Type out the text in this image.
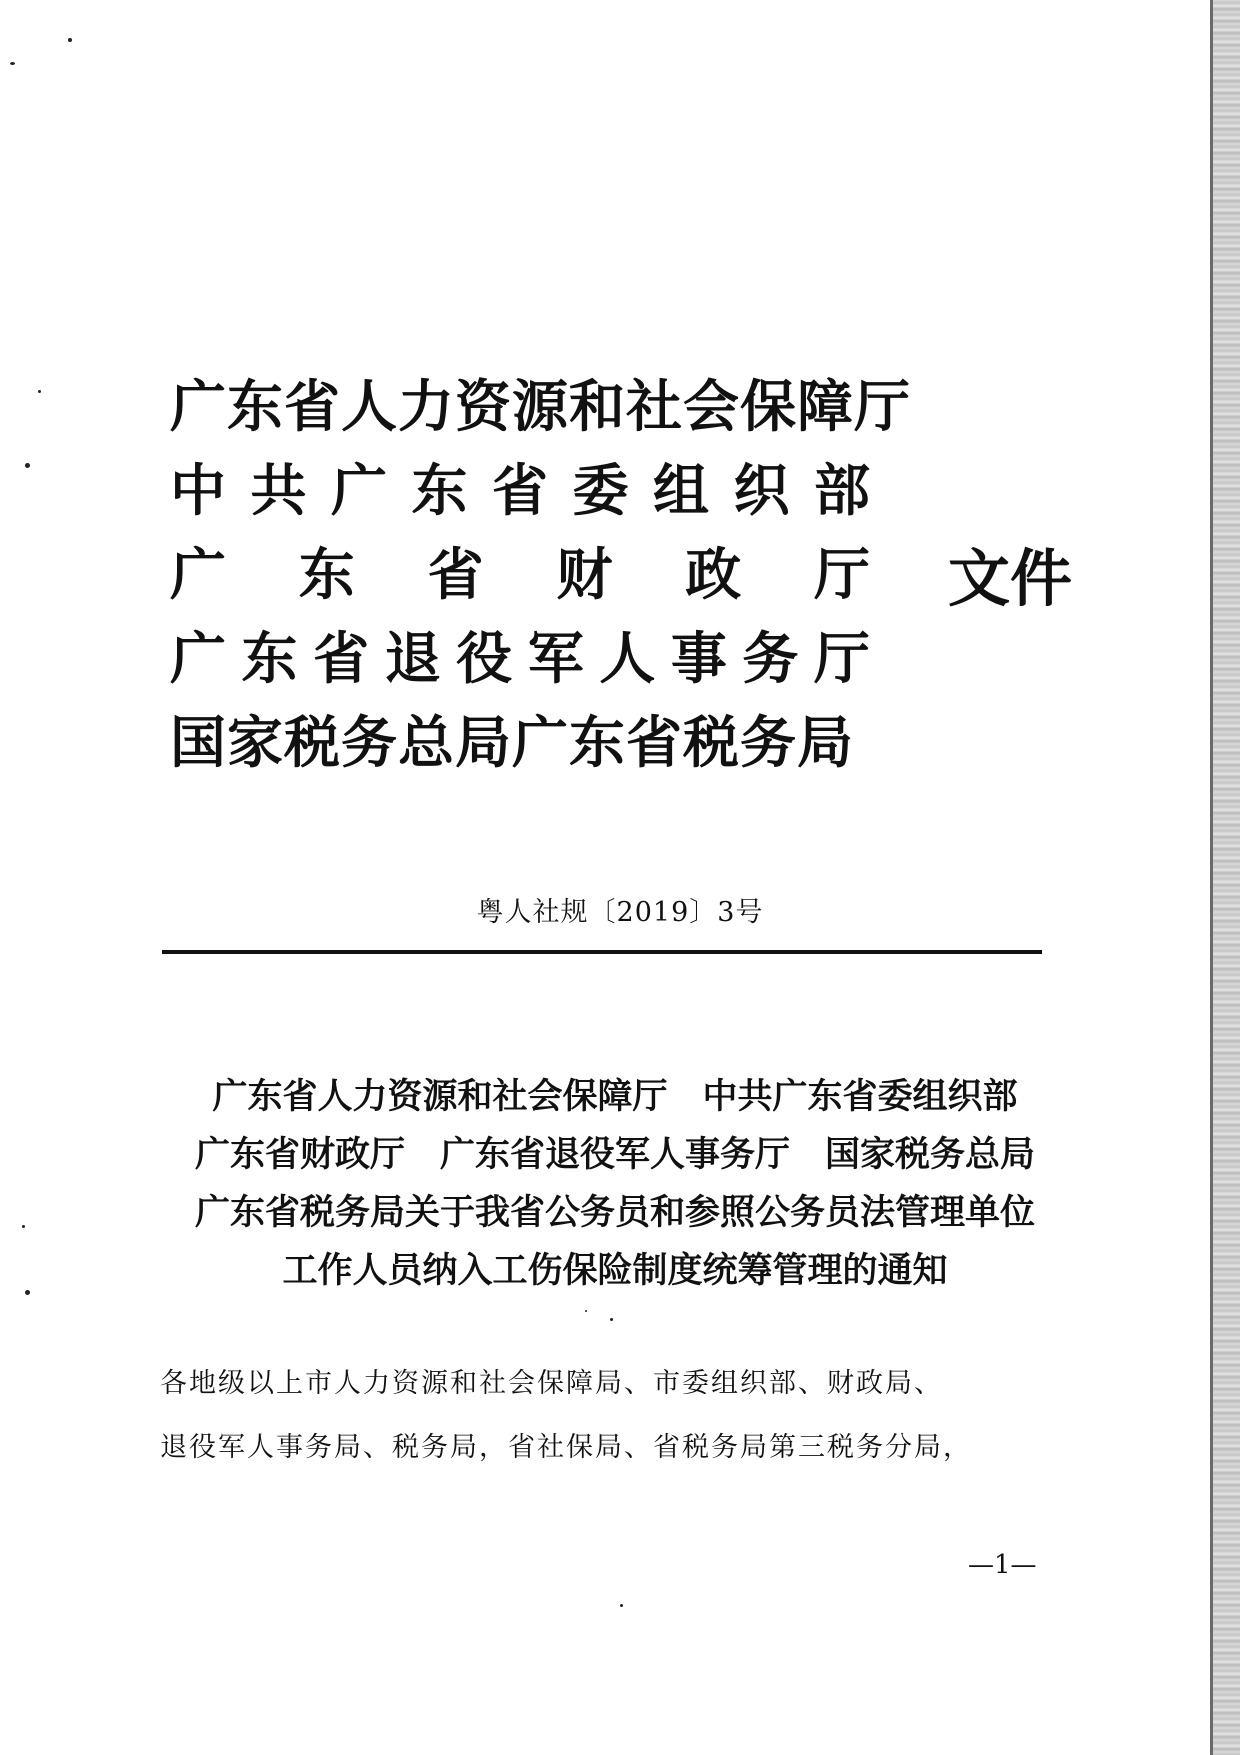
广东省人力资源和社会保障厅
中 共 广 东 省 委 组 织 部
广 东 省 财 政 厅
广 东 省 退 役 军 人 事 务 厅
国家税务总局广东省税务局
文件
粤人社规〔2019〕3号
广东省人力资源和社会保障厅　中共广东省委组织部
广东省财政厅　广东省退役军人事务厅　国家税务总局
广东省税务局关于我省公务员和参照公务员法管理单位
工作人员纳入工伤保险制度统筹管理的通知
各地级以上市人力资源和社会保障局、市委组织部、财政局、
退役军人事务局、税务局，省社保局、省税务局第三税务分局，
—1—
